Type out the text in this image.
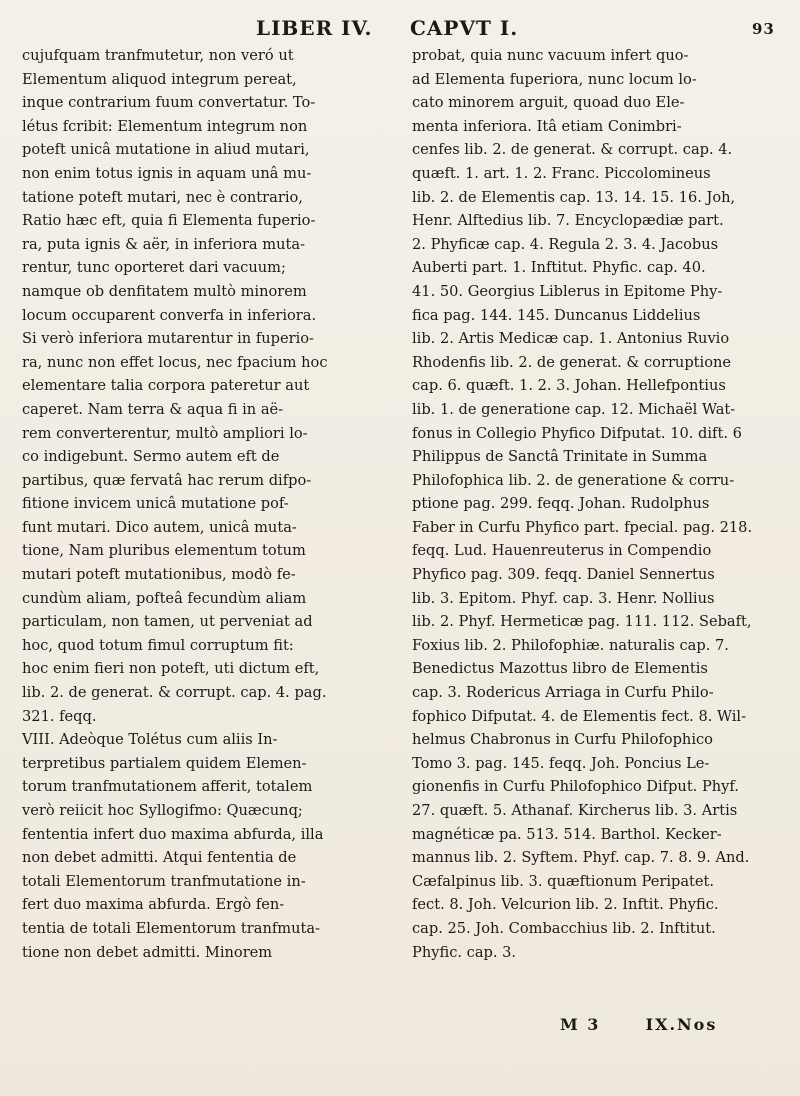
LIBER IV. CAPVT I.	93
cujufquam tranfmutetur, non veró ut
Elementum aliquod integrum pereat,
inque contrarium fuum convertatur. To-
létus fcribit: Elementum integrum non
poteft unicâ mutatione in aliud mutari,
non enim totus ignis in aquam unâ mu-
tatione poteft mutari, nec è contrario,
Ratio hæc eft, quia fi Elementa fuperio-
ra, puta ignis & aër, in inferiora muta-
rentur, tunc oporteret dari vacuum;
namque ob denfitatem multò minorem
locum occuparent converfa in inferiora.
Si verò inferiora mutarentur in fuperio-
ra, nunc non effet locus, nec fpacium hoc
elementare talia corpora pateretur aut
caperet. Nam terra & aqua fi in aë-
rem converterentur, multò ampliori lo-
co indigebunt. Sermo autem eft de
partibus, quæ fervatâ hac rerum difpo-
fitione invicem unicâ mutatione pof-
funt mutari. Dico autem, unicâ muta-
tione, Nam pluribus elementum totum
mutari poteft mutationibus, modò fe-
cundùm aliam, pofteâ fecundùm aliam
particulam, non tamen, ut perveniat ad
hoc, quod totum fimul corruptum fit:
hoc enim fieri non poteft, uti dictum eft,
lib. 2. de generat. & corrupt. cap. 4. pag.
321. feqq.
VIII. Adeòque Tolétus cum aliis In-
terpretibus partialem quidem Elemen-
torum tranfmutationem afferit, totalem
verò reiicit hoc Syllogifmo: Quæcunq;
fententia infert duo maxima abfurda, illa
non debet admitti. Atqui fententia de
totali Elementorum tranfmutatione in-
fert duo maxima abfurda. Ergò fen-
tentia de totali Elementorum tranfmuta-
tione non debet admitti. Minorem
probat, quia nunc vacuum infert quo-
ad Elementa fuperiora, nunc locum lo-
cato minorem arguit, quoad duo Ele-
menta inferiora. Itâ etiam Conimbri-
cenfes lib. 2. de generat. & corrupt. cap. 4.
quæft. 1. art. 1. 2. Franc. Piccolomineus
lib. 2. de Elementis cap. 13. 14. 15. 16. Joh,
Henr. Alftedius lib. 7. Encyclopædiæ part.
2. Phyficæ cap. 4. Regula 2. 3. 4. Jacobus
Auberti part. 1. Inftitut. Phyfic. cap. 40.
41. 50. Georgius Liblerus in Epitome Phy-
fica pag. 144. 145. Duncanus Liddelius
lib. 2. Artis Medicæ cap. 1. Antonius Ruvio
Rhodenfis lib. 2. de generat. & corruptione
cap. 6. quæft. 1. 2. 3. Johan. Hellefpontius
lib. 1. de generatione cap. 12. Michaël Wat-
fonus in Collegio Phyfico Difputat. 10. dift. 6
Philippus de Sanctâ Trinitate in Summa
Philofophica lib. 2. de generatione & corru-
ptione pag. 299. feqq. Johan. Rudolphus
Faber in Curfu Phyfico part. fpecial. pag. 218.
feqq. Lud. Hauenreuterus in Compendio
Phyfico pag. 309. feqq. Daniel Sennertus
lib. 3. Epitom. Phyf. cap. 3. Henr. Nollius
lib. 2. Phyf. Hermeticæ pag. 111. 112. Sebaft,
Foxius lib. 2. Philofophiæ. naturalis cap. 7.
Benedictus Mazottus libro de Elementis
cap. 3. Rodericus Arriaga in Curfu Philo-
fophico Difputat. 4. de Elementis fect. 8. Wil-
helmus Chabronus in Curfu Philofophico
Tomo 3. pag. 145. feqq. Joh. Poncius Le-
gionenfis in Curfu Philofophico Difput. Phyf.
27. quæft. 5. Athanaf. Kircherus lib. 3. Artis
magnéticæ pa. 513. 514. Barthol. Kecker-
mannus lib. 2. Syftem. Phyf. cap. 7. 8. 9. And.
Cæfalpinus lib. 3. quæftionum Peripatet.
fect. 8. Joh. Velcurion lib. 2. Inftit. Phyfic.
cap. 25. Joh. Combacchius lib. 2. Inftitut.
Phyfic. cap. 3.
M 3	IX.Nos
